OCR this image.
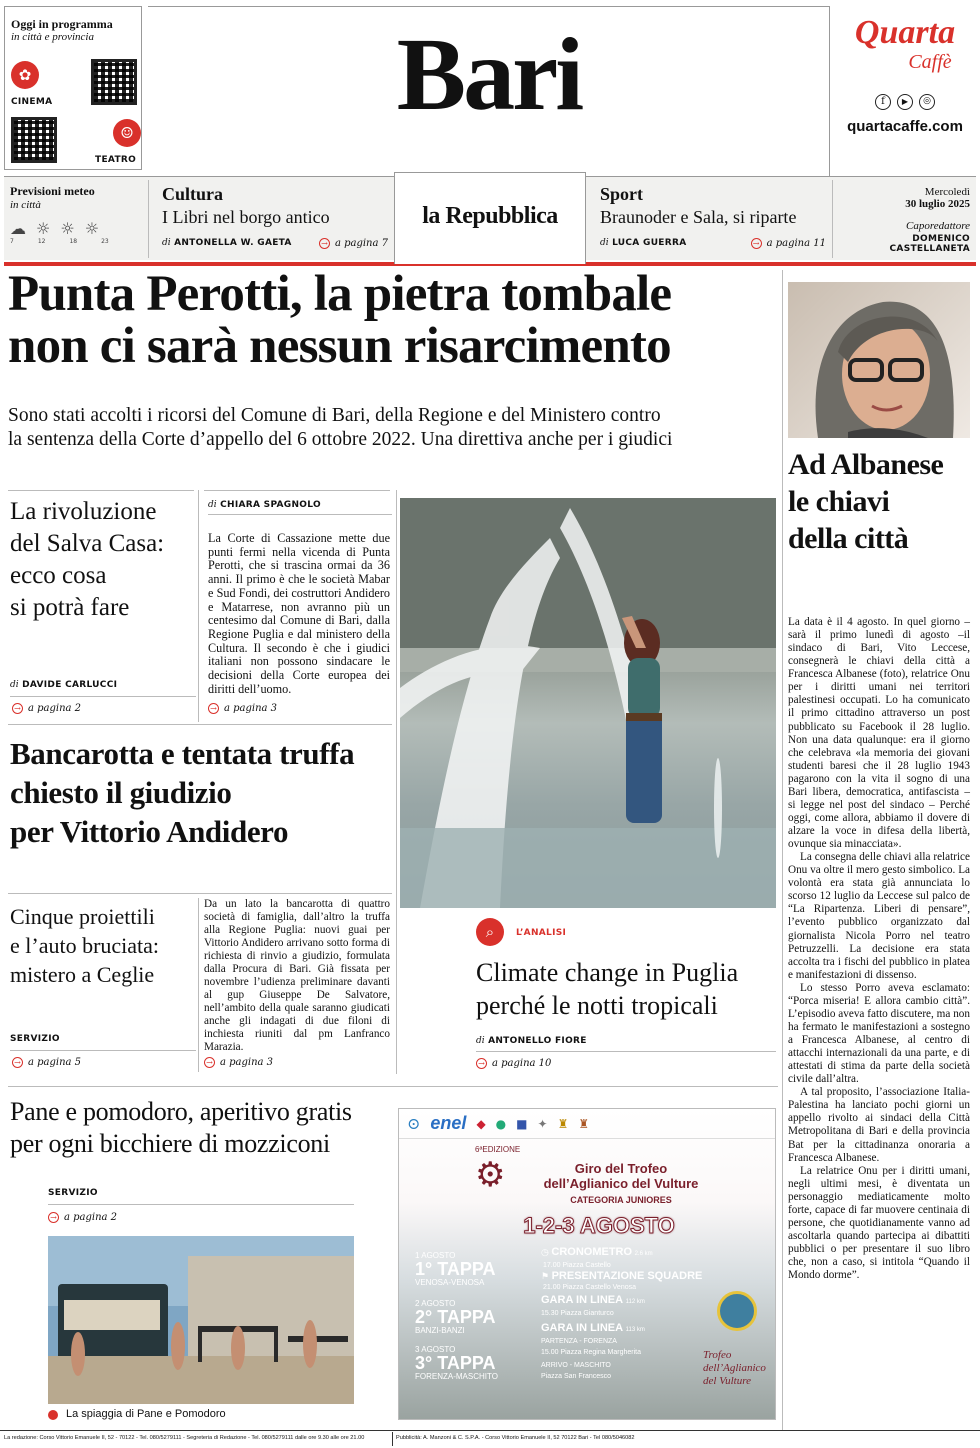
Oggi in programma
in città e provincia
✿
CINEMA
☺
TEATRO
Bari	Quarta
Caffè
f	▶	◎
quartacaffe.com
Previsioni meteo
in città
☁ ☼ ☼ ☼
7	12	18	23
Cultura
I Libri nel borgo antico
di ANTONELLA W. GAETA	→ a pagina 7
la Repubblica
Sport
Braunoder e Sala, si riparte
di LUCA GUERRA	→ a pagina 11
Mercoledì
30 luglio 2025
Caporedattore
DOMENICO CASTELLANETA
Punta Perotti, la pietra tombale
non ci sarà nessun risarcimento
Sono stati accolti i ricorsi del Comune di Bari, della Regione e del Ministero contro
la sentenza della Corte d’appello del 6 ottobre 2022. Una direttiva anche per i giudici
La rivoluzione
del Salva Casa:
ecco cosa
si potrà fare
di DAVIDE CARLUCCI
→ a pagina 2
di CHIARA SPAGNOLO
La Corte di Cassazione mette due punti fermi nella vicenda di Punta Perotti, che si trascina ormai da 36 anni. Il primo è che le società Mabar e Sud Fondi, dei costruttori Andidero e Matarrese, non avranno più un centesimo dal Comune di Bari, dalla Regione Puglia e dal ministero della Cultura. Il secondo è che i giudici italiani non possono sindacare le decisioni della Corte europea dei diritti dell’uomo.
→ a pagina 3
Bancarotta e tentata truffa
chiesto il giudizio
per Vittorio Andidero
Cinque proiettili
e l’auto bruciata:
mistero a Ceglie
SERVIZIO
→ a pagina 5
Da un lato la bancarotta di quattro società di famiglia, dall’altro la truffa alla Regione Puglia: nuovi guai per Vittorio Andidero arrivano sotto forma di richiesta di rinvio a giudizio, formulata dalla Procura di Bari. Già fissata per novembre l’udienza preliminare davanti al gup Giuseppe De Salvatore, nell’ambito della quale saranno giudicati anche gli indagati di due filoni di inchiesta riuniti dal pm Lanfranco Marazia.
→ a pagina 3
⌕	L’ANALISI
Climate change in Puglia
perché le notti tropicali
di ANTONELLO FIORE
→ a pagina 10
Ad Albanese
le chiavi
della città

La data è il 4 agosto. In quel giorno – sarà il primo lunedì di agosto –il sindaco di Bari, Vito Leccese, consegnerà le chiavi della città a Francesca Albanese (foto), relatrice Onu per i diritti umani nei territori palestinesi occupati. Lo ha comunicato il primo cittadino attraverso un post pubblicato su Facebook il 28 luglio. Non una data qualunque: era il giorno che celebrava «la memoria dei giovani studenti baresi che il 28 luglio 1943 pagarono con la vita il sogno di una Bari libera, democratica, antifascista – si legge nel post del sindaco – Perché oggi, come allora, abbiamo il dovere di alzare la voce in difesa della libertà, ovunque sia minacciata».

La consegna delle chiavi alla relatrice Onu va oltre il mero gesto simbolico. La volontà era stata già annunciata lo scorso 12 luglio da Leccese sul palco de “La Ripartenza. Liberi di pensare”, l’evento pubblico organizzato dal giornalista Nicola Porro nel teatro Petruzzelli. La decisione era stata accolta tra i fischi del pubblico in platea e manifestazioni di dissenso.

Lo stesso Porro aveva esclamato: “Porca miseria! E allora cambio città”. L’episodio aveva fatto discutere, ma non ha fermato le manifestazioni a sostegno a Francesca Albanese, al centro di attacchi internazionali da una parte, e di attestati di stima da parte della società civile dall’altra.

A tal proposito, l’associazione Italia-Palestina ha lanciato pochi giorni un appello rivolto ai sindaci della Città Metropolitana di Bari e della provincia Bat per la cittadinanza onoraria a Francesca Albanese.

La relatrice Onu per i diritti umani, negli ultimi mesi, è diventata un personaggio mediaticamente molto forte, capace di far muovere centinaia di persone, che quotidianamente vanno ad ascoltarla quando partecipa ai dibattiti pubblici o per presentare il suo libro che, non a caso, si intitola “Quando il Mondo dorme”.

Pane e pomodoro, aperitivo gratis
per ogni bicchiere di mozziconi
SERVIZIO
→ a pagina 2
La spiaggia di Pane e Pomodoro
⊙ enel ◆ ● ■ ✦ ♜ ♜
6ªEDIZIONE
⚙	Giro del Trofeo
dell’Aglianico del Vulture
CATEGORIA JUNIORES
1-2-3 AGOSTO
1 AGOSTO
1° TAPPA
VENOSA-VENOSA
2 AGOSTO
2° TAPPA
BANZI-BANZI
3 AGOSTO
3° TAPPA
FORENZA-MASCHITO
◷ CRONOMETRO 2.6 km
17.00 Piazza Castello
⚑ PRESENTAZIONE SQUADRE
21.00 Piazza Castello Venosa
GARA IN LINEA 112 km
15.30 Piazza Gianturco
GARA IN LINEA 113 km
PARTENZA - FORENZA
15.00 Piazza Regina Margherita
ARRIVO - MASCHITO
Piazza San Francesco
Trofeo dell’Aglianico del Vulture
La redazione: Corso Vittorio Emanuele II, 52 - 70122 - Tel. 080/5279111 - Segreteria di Redazione - Tel. 080/5279111 dalle ore 9.30 alle ore 21.00	Pubblicità: A. Manzoni & C. S.P.A. - Corso Vittorio Emanuele II, 52 70122 Bari - Tel 080/5046082
